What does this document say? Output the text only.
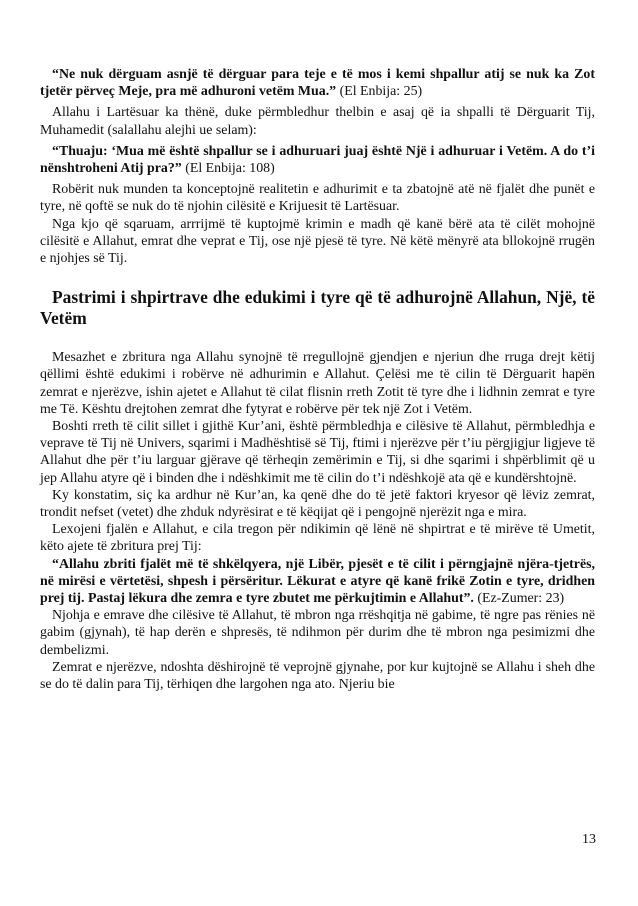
“Ne nuk dërguam asnjë të dërguar para teje e të mos i kemi shpallur atij se nuk ka Zot tjetër përveç Meje, pra më adhuroni vetëm Mua.” (El Enbija: 25)

Allahu i Lartësuar ka thënë, duke përmbledhur thelbin e asaj që ia shpalli të Dërguarit Tij, Muhamedit (salallahu alejhi ue selam):

“Thuaju: ‘Mua më është shpallur se i adhuruari juaj është Një i adhuruar i Vetëm. A do t’i nënshtroheni Atij pra?” (El Enbija: 108)

Robërit nuk munden ta konceptojnë realitetin e adhurimit e ta zbatojnë atë në fjalët dhe punët e tyre, në qoftë se nuk do të njohin cilësitë e Krijuesit të Lartësuar.

Nga kjo që sqaruam, arrrijmë të kuptojmë krimin e madh që kanë bërë ata të cilët mohojnë cilësitë e Allahut, emrat dhe veprat e Tij, ose një pjesë të tyre. Në këtë mënyrë ata bllokojnë rrugën e njohjes së Tij.

Pastrimi i shpirtrave dhe edukimi i tyre që të adhurojnë Allahun, Një, të Vetëm

Mesazhet e zbritura nga Allahu synojnë të rregullojnë gjendjen e njeriun dhe rruga drejt këtij qëllimi është edukimi i robërve në adhurimin e Allahut. Çelësi me të cilin të Dërguarit hapën zemrat e njerëzve, ishin ajetet e Allahut të cilat flisnin rreth Zotit të tyre dhe i lidhnin zemrat e tyre me Të. Kështu drejtohen zemrat dhe fytyrat e robërve për tek një Zot i Vetëm.

Boshti rreth të cilit sillet i gjithë Kur’ani, është përmbledhja e cilësive të Allahut, përmbledhja e veprave të Tij në Univers, sqarimi i Madhështisë së Tij, ftimi i njerëzve për t’iu përgjigjur ligjeve të Allahut dhe për t’iu larguar gjërave që tërheqin zemërimin e Tij, si dhe sqarimi i shpërblimit që u jep Allahu atyre që i binden dhe i ndëshkimit me të cilin do t’i ndëshkojë ata që e kundërshtojnë.

Ky konstatim, siç ka ardhur në Kur’an, ka qenë dhe do të jetë faktori kryesor që lëviz zemrat, trondit nefset (vetet) dhe zhduk ndyrësirat e të këqijat që i pengojnë njerëzit nga e mira.

Lexojeni fjalën e Allahut, e cila tregon për ndikimin që lënë në shpirtrat e të mirëve të Umetit, këto ajete të zbritura prej Tij:

“Allahu zbriti fjalët më të shkëlqyera, një Libër, pjesët e të cilit i përngjajnë njëra-tjetrës, në mirësi e vërtetësi, shpesh i përsëritur. Lëkurat e atyre që kanë frikë Zotin e tyre, dridhen prej tij. Pastaj lëkura dhe zemra e tyre zbutet me përkujtimin e Allahut”. (Ez-Zumer: 23)

Njohja e emrave dhe cilësive të Allahut, të mbron nga rrëshqitja në gabime, të ngre pas rënies në gabim (gjynah), të hap derën e shpresës, të ndihmon për durim dhe të mbron nga pesimizmi dhe dembelizmi.

Zemrat e njerëzve, ndoshta dëshirojnë të veprojnë gjynahe, por kur kujtojnë se Allahu i sheh dhe se do të dalin para Tij, tërhiqen dhe largohen nga ato. Njeriu bie

13
